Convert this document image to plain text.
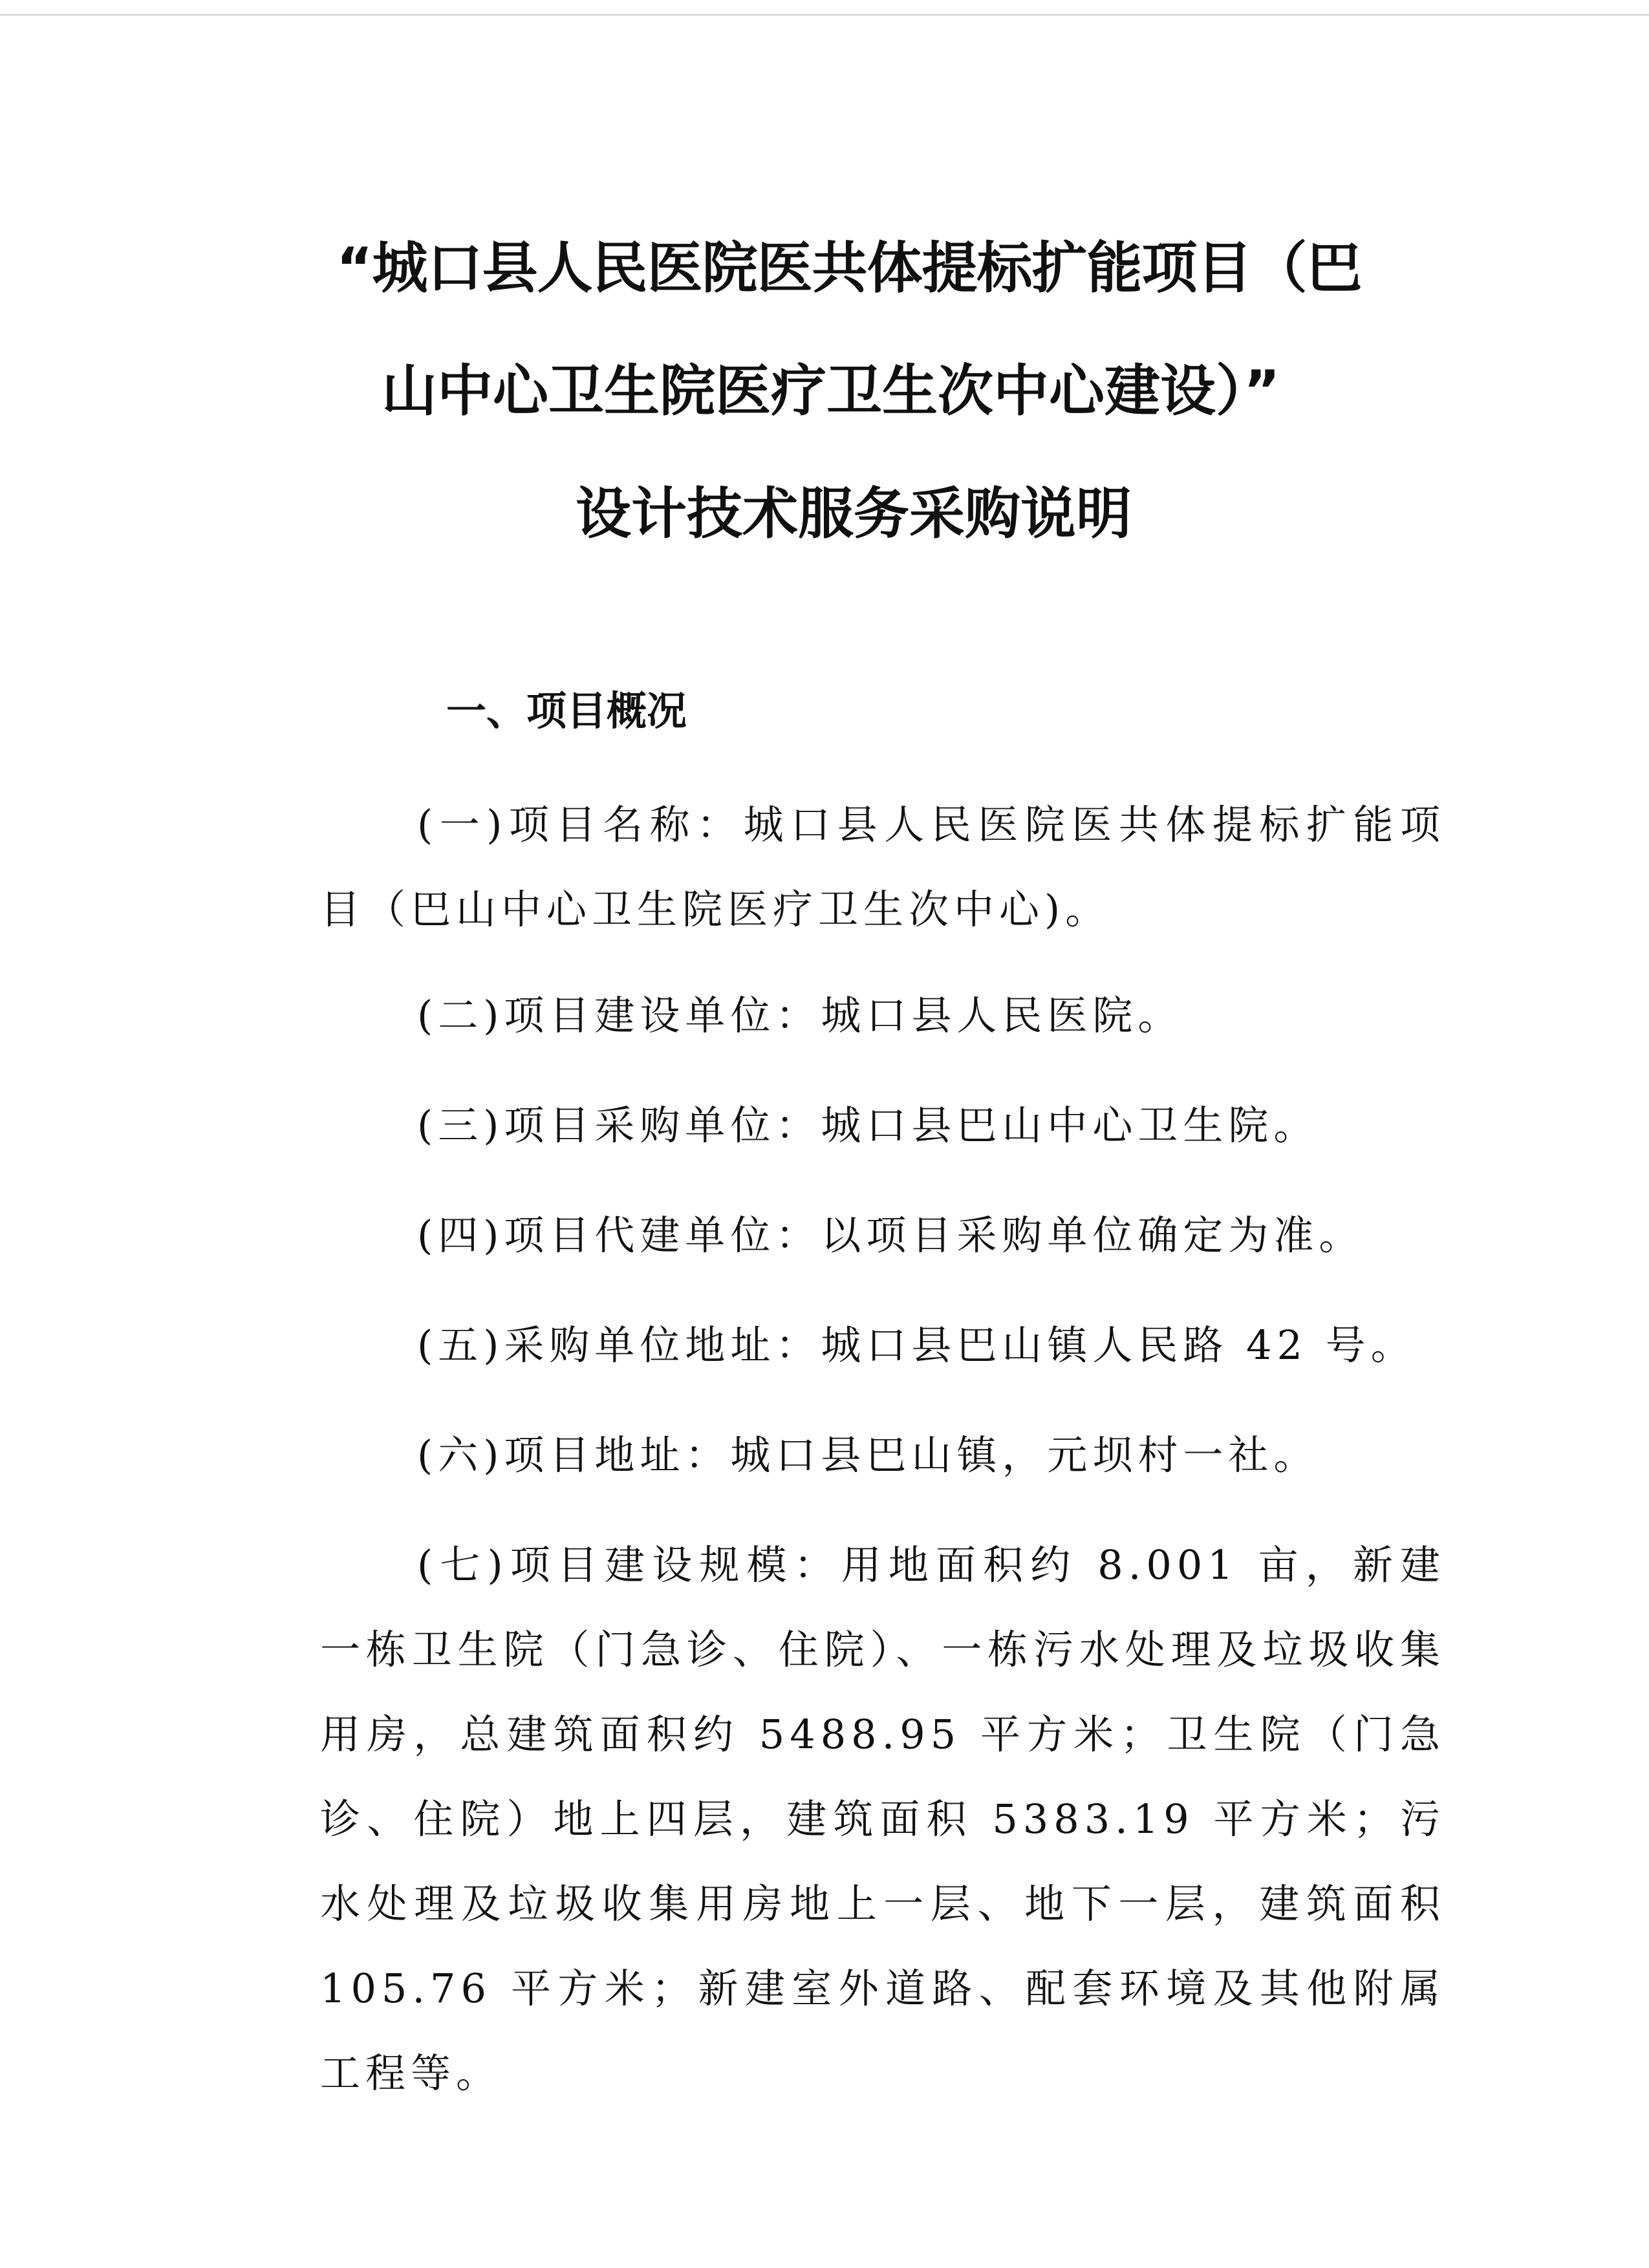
“城口县人民医院医共体提标扩能项目（巴
山中心卫生院医疗卫生次中心建设）”
设计技术服务采购说明
一、项目概况

(一)项目名称：城口县人民医院医共体提标扩能项目（巴山中心卫生院医疗卫生次中心)。

(二)项目建设单位：城口县人民医院。

(三)项目采购单位：城口县巴山中心卫生院。

(四)项目代建单位：以项目采购单位确定为准。

(五)采购单位地址：城口县巴山镇人民路 42 号。

(六)项目地址：城口县巴山镇，元坝村一社。

(七)项目建设规模：用地面积约 8.001 亩，新建一栋卫生院（门急诊、住院）、一栋污水处理及垃圾收集用房，总建筑面积约 5488.95 平方米；卫生院（门急诊、住院）地上四层，建筑面积 5383.19 平方米；污水处理及垃圾收集用房地上一层、地下一层，建筑面积 105.76 平方米；新建室外道路、配套环境及其他附属工程等。
